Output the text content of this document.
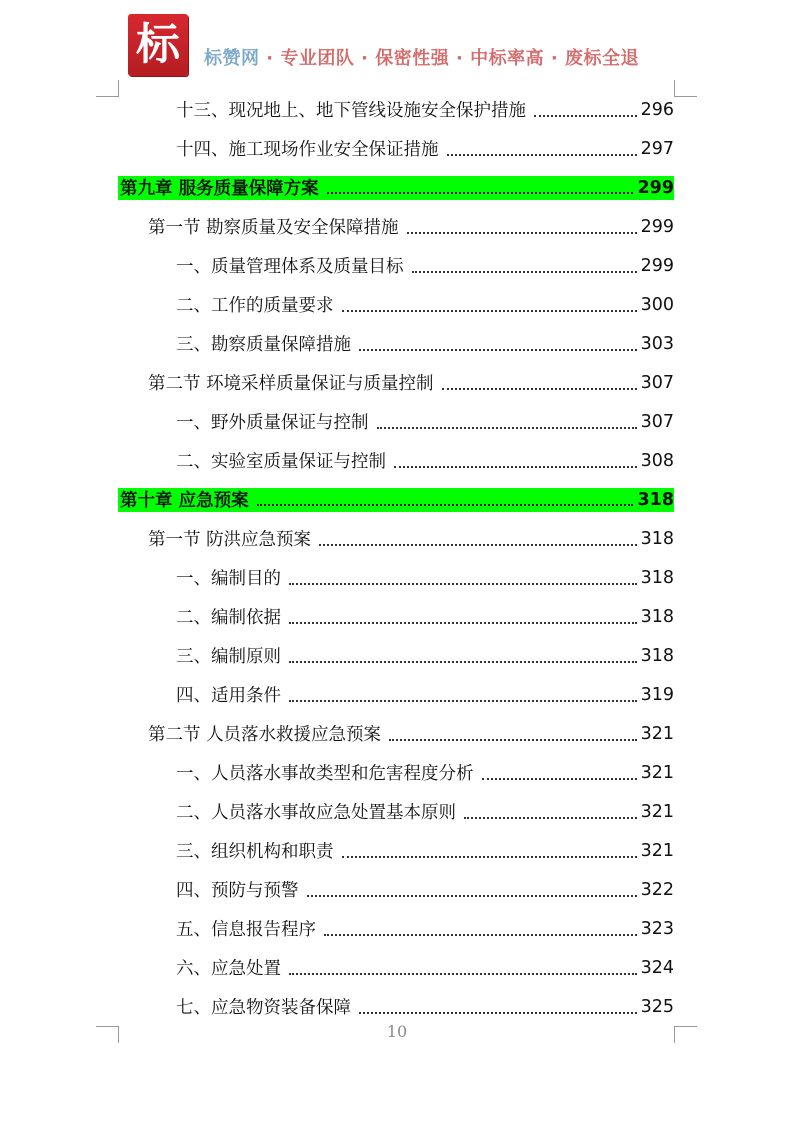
标	标赞网 · 专业团队 · 保密性强 · 中标率高 · 废标全退
十三、现况地上、地下管线设施安全保护措施	296
十四、施工现场作业安全保证措施	297
第九章 服务质量保障方案	299
第一节 勘察质量及安全保障措施	299
一、质量管理体系及质量目标	299
二、工作的质量要求	300
三、勘察质量保障措施	303
第二节 环境采样质量保证与质量控制	307
一、野外质量保证与控制	307
二、实验室质量保证与控制	308
第十章 应急预案	318
第一节 防洪应急预案	318
一、编制目的	318
二、编制依据	318
三、编制原则	318
四、适用条件	319
第二节 人员落水救援应急预案	321
一、人员落水事故类型和危害程度分析	321
二、人员落水事故应急处置基本原则	321
三、组织机构和职责	321
四、预防与预警	322
五、信息报告程序	323
六、应急处置	324
七、应急物资装备保障	325
10
